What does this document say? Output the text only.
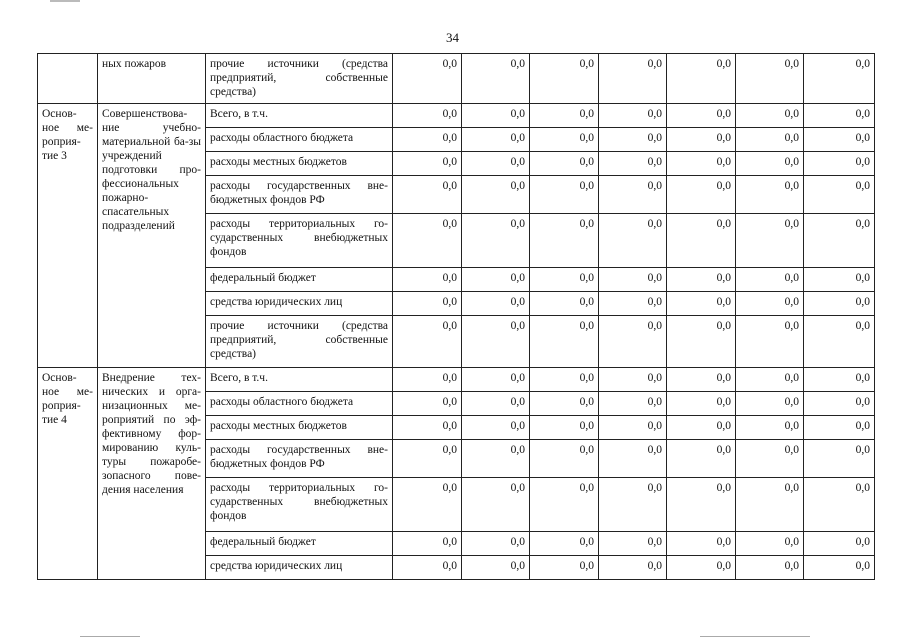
34
	ных пожаров	прочие источники (средства предприятий, собственные средства)	0,0	0,0	0,0	0,0	0,0	0,0	0,0
Основ-ное ме-роприя-тие 3	Совершенствова-ние учебно-материальной ба-зы учреждений подготовки про-фессиональных пожарно-спасательных подразделений	Всего, в т.ч.	0,0	0,0	0,0	0,0	0,0	0,0	0,0
		расходы областного бюджета	0,0	0,0	0,0	0,0	0,0	0,0	0,0
		расходы местных бюджетов	0,0	0,0	0,0	0,0	0,0	0,0	0,0
		расходы государственных вне-бюджетных фондов РФ	0,0	0,0	0,0	0,0	0,0	0,0	0,0
		расходы территориальных го-сударственных внебюджетных фондов	0,0	0,0	0,0	0,0	0,0	0,0	0,0
		федеральный бюджет	0,0	0,0	0,0	0,0	0,0	0,0	0,0
		средства юридических лиц	0,0	0,0	0,0	0,0	0,0	0,0	0,0
		прочие источники (средства предприятий, собственные средства)	0,0	0,0	0,0	0,0	0,0	0,0	0,0
Основ-ное ме-роприя-тие 4	Внедрение тех-нических и орга-низационных ме-роприятий по эф-фективному фор-мированию куль-туры пожаробе-зопасного пове-дения населения	Всего, в т.ч.	0,0	0,0	0,0	0,0	0,0	0,0	0,0
		расходы областного бюджета	0,0	0,0	0,0	0,0	0,0	0,0	0,0
		расходы местных бюджетов	0,0	0,0	0,0	0,0	0,0	0,0	0,0
		расходы государственных вне-бюджетных фондов РФ	0,0	0,0	0,0	0,0	0,0	0,0	0,0
		расходы территориальных го-сударственных внебюджетных фондов	0,0	0,0	0,0	0,0	0,0	0,0	0,0
		федеральный бюджет	0,0	0,0	0,0	0,0	0,0	0,0	0,0
		средства юридических лиц	0,0	0,0	0,0	0,0	0,0	0,0	0,0
